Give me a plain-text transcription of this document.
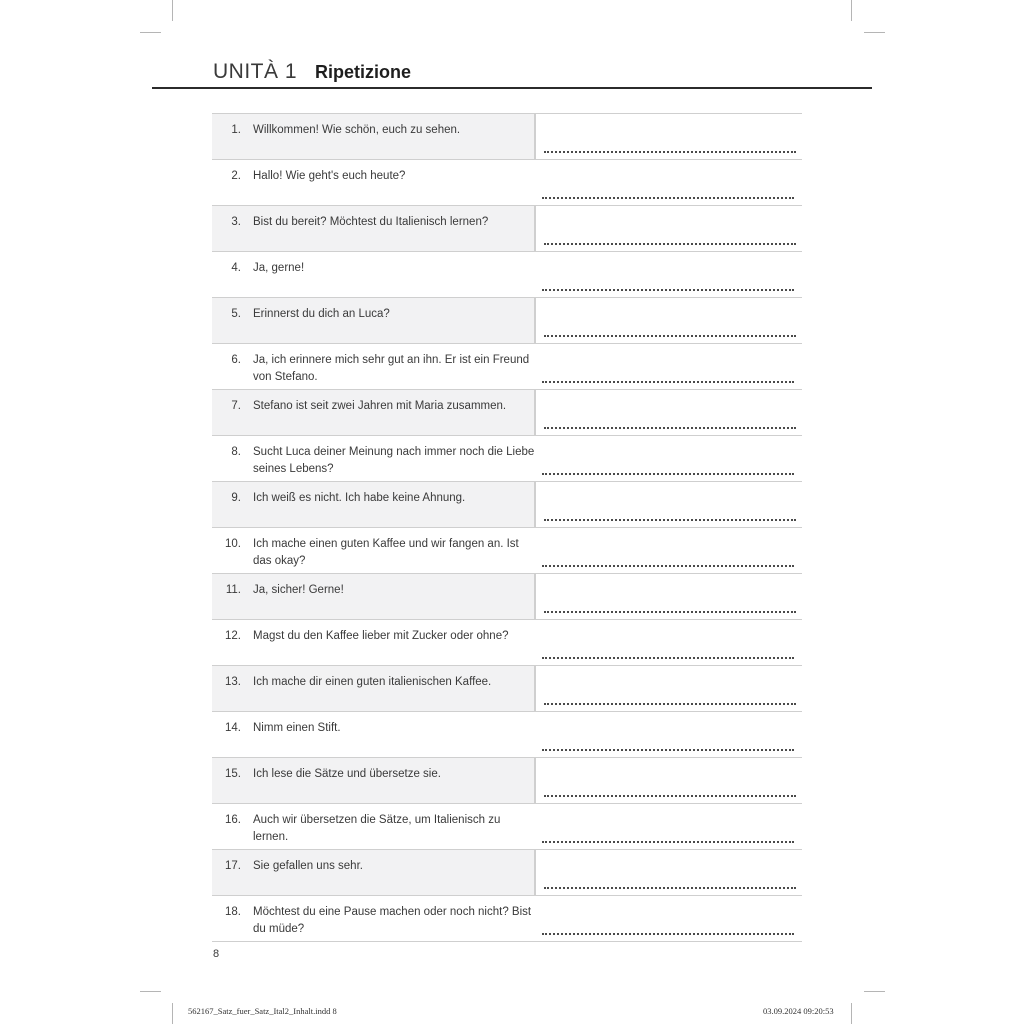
UNITÀ 1 Ripetizione
1. Willkommen! Wie schön, euch zu sehen.
2. Hallo! Wie geht's euch heute?
3. Bist du bereit? Möchtest du Italienisch lernen?
4. Ja, gerne!
5. Erinnerst du dich an Luca?
6. Ja, ich erinnere mich sehr gut an ihn. Er ist ein Freund von Stefano.
7. Stefano ist seit zwei Jahren mit Maria zusammen.
8. Sucht Luca deiner Meinung nach immer noch die Liebe seines Lebens?
9. Ich weiß es nicht. Ich habe keine Ahnung.
10. Ich mache einen guten Kaffee und wir fangen an. Ist das okay?
11. Ja, sicher! Gerne!
12. Magst du den Kaffee lieber mit Zucker oder ohne?
13. Ich mache dir einen guten italienischen Kaffee.
14. Nimm einen Stift.
15. Ich lese die Sätze und übersetze sie.
16. Auch wir übersetzen die Sätze, um Italienisch zu lernen.
17. Sie gefallen uns sehr.
18. Möchtest du eine Pause machen oder noch nicht? Bist du müde?
8
562167_Satz_fuer_Satz_Ital2_Inhalt.indd 8	03.09.2024 09:20:53
